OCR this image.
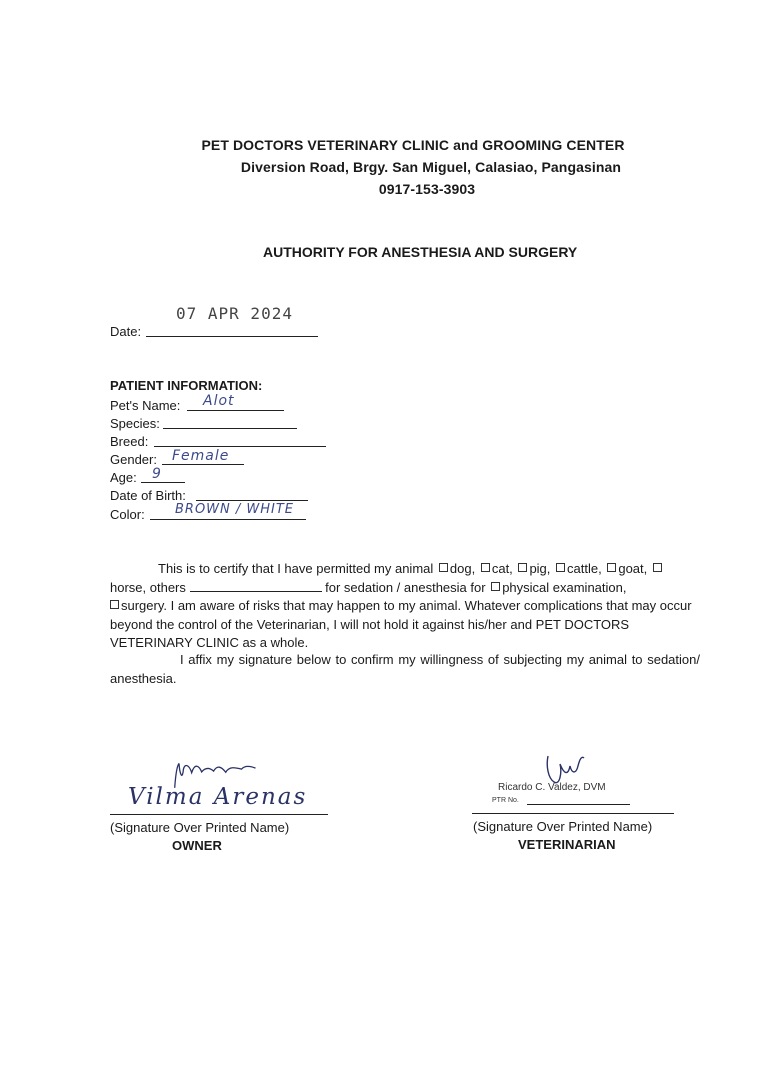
PET DOCTORS VETERINARY CLINIC and GROOMING CENTER
Diversion Road, Brgy. San Miguel, Calasiao, Pangasinan
0917-153-3903
AUTHORITY FOR ANESTHESIA AND SURGERY
07 APR 2024
Date:
PATIENT INFORMATION:
Pet's Name: Alot
Species:
Breed:
Gender: Female
Age: 9
Date of Birth:
Color: BROWN / WHITE
This is to certify that I have permitted my animal dog, cat, pig, cattle, goat,
horse, others	for sedation / anesthesia for physical examination,
surgery. I am aware of risks that may happen to my animal. Whatever complications that may occur beyond the control of the Veterinarian, I will not hold it against his/her and PET DOCTORS VETERINARY CLINIC as a whole.
I affix my signature below to confirm my willingness of subjecting my animal to sedation/ anesthesia.
Vilma Arenas
(Signature Over Printed Name)
OWNER
Ricardo C. Valdez, DVM
PTR No.
(Signature Over Printed Name)
VETERINARIAN
